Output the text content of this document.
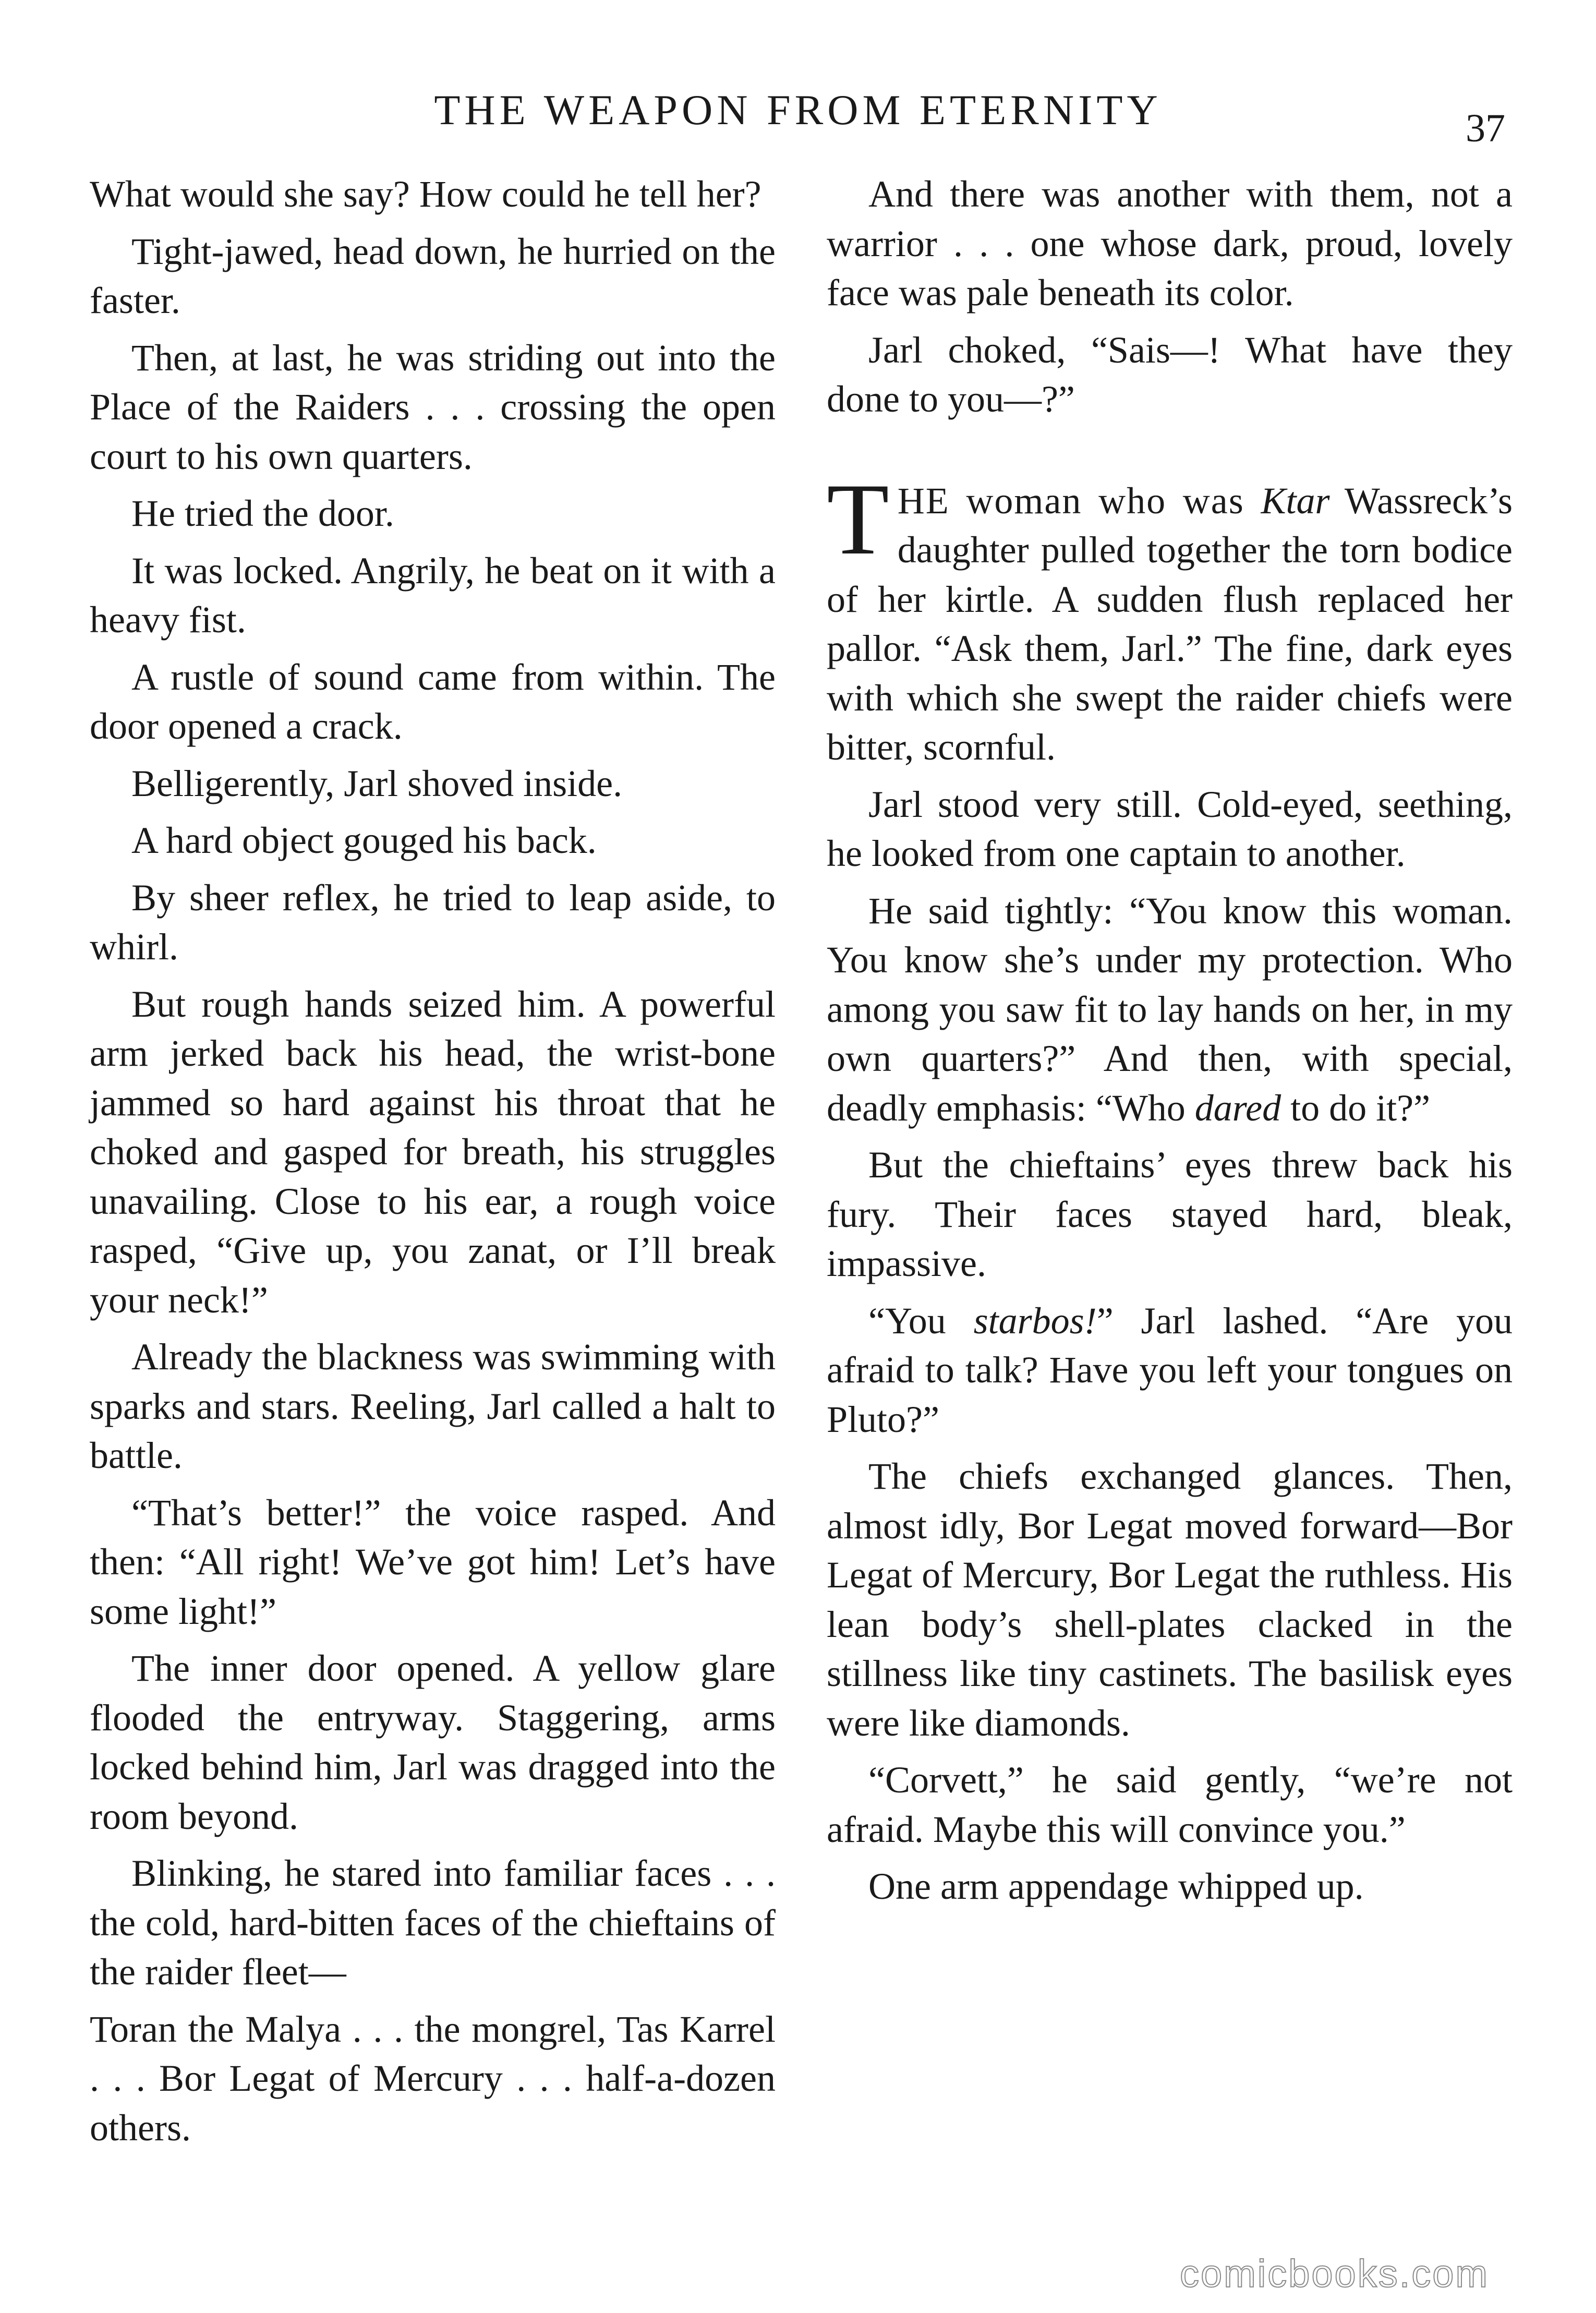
THE WEAPON FROM ETERNITY	37

What would she say? How could he tell her?

Tight-jawed, head down, he hurried on the faster.

Then, at last, he was striding out into the Place of the Raiders . . . crossing the open court to his own quarters.

He tried the door.

It was locked. Angrily, he beat on it with a heavy fist.

A rustle of sound came from within. The door opened a crack.

Belligerently, Jarl shoved inside.

A hard object gouged his back.

By sheer reflex, he tried to leap aside, to whirl.

But rough hands seized him. A powerful arm jerked back his head, the wrist-bone jammed so hard against his throat that he choked and gasped for breath, his struggles unavailing. Close to his ear, a rough voice rasped, “Give up, you zanat, or I’ll break your neck!”

Already the blackness was swimming with sparks and stars. Reeling, Jarl called a halt to battle.

“That’s better!” the voice rasped. And then: “All right! We’ve got him! Let’s have some light!”

The inner door opened. A yellow glare flooded the entryway. Staggering, arms locked behind him, Jarl was dragged into the room beyond.

Blinking, he stared into familiar faces . . . the cold, hard-bitten faces of the chieftains of the raider fleet—

Toran the Malya . . . the mongrel, Tas Karrel . . . Bor Legat of Mercury . . . half-a-dozen others.

And there was another with them, not a warrior . . . one whose dark, proud, lovely face was pale beneath its color.

Jarl choked, “Sais—! What have they done to you—?”

THE woman who was Ktar Wassreck’s daughter pulled together the torn bodice of her kirtle. A sudden flush replaced her pallor. “Ask them, Jarl.” The fine, dark eyes with which she swept the raider chiefs were bitter, scornful.

Jarl stood very still. Cold-eyed, seething, he looked from one captain to another.

He said tightly: “You know this woman. You know she’s under my protection. Who among you saw fit to lay hands on her, in my own quarters?” And then, with special, deadly emphasis: “Who dared to do it?”

But the chieftains’ eyes threw back his fury. Their faces stayed hard, bleak, impassive.

“You starbos!” Jarl lashed. “Are you afraid to talk? Have you left your tongues on Pluto?”

The chiefs exchanged glances. Then, almost idly, Bor Legat moved forward—Bor Legat of Mercury, Bor Legat the ruthless. His lean body’s shell-plates clacked in the stillness like tiny castinets. The basilisk eyes were like diamonds.

“Corvett,” he said gently, “we’re not afraid. Maybe this will convince you.”

One arm appendage whipped up.

comicbooks.com
